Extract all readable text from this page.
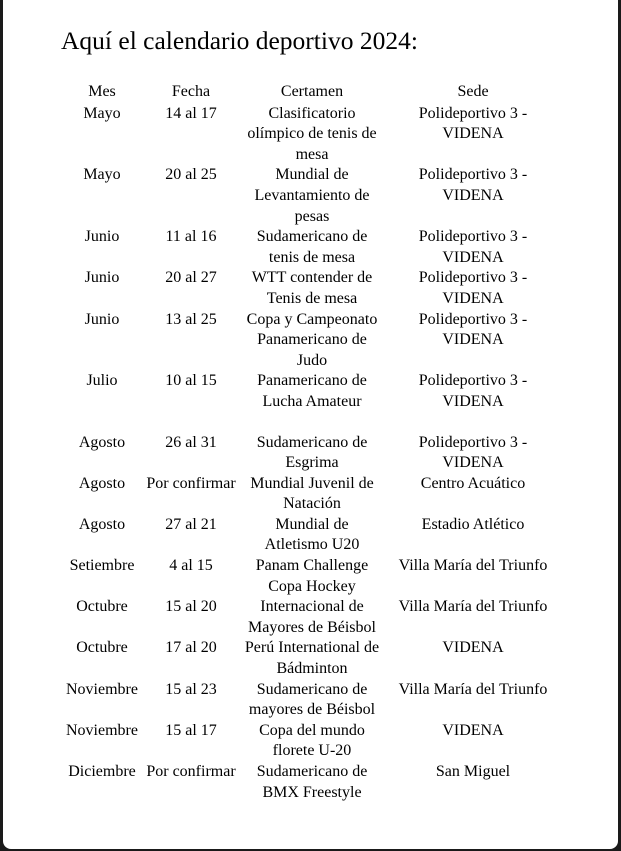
Aquí el calendario deportivo 2024:
Mes	Fecha	Certamen	Sede
Mayo	14 al 17	Clasificatorio olímpico de tenis de mesa	Polideportivo 3 - VIDENA
Mayo	20 al 25	Mundial de Levantamiento de pesas	Polideportivo 3 - VIDENA
Junio	11 al 16	Sudamericano de tenis de mesa	Polideportivo 3 - VIDENA
Junio	20 al 27	WTT contender de Tenis de mesa	Polideportivo 3 - VIDENA
Junio	13 al 25	Copa y Campeonato Panamericano de Judo	Polideportivo 3 - VIDENA
Julio	10 al 15	Panamericano de Lucha Amateur	Polideportivo 3 - VIDENA

Agosto	26 al 31	Sudamericano de Esgrima	Polideportivo 3 - VIDENA
Agosto	Por confirmar	Mundial Juvenil de Natación	Centro Acuático
Agosto	27 al 21	Mundial de Atletismo U20	Estadio Atlético
Setiembre	4 al 15	Panam Challenge Copa Hockey	Villa María del Triunfo
Octubre	15 al 20	Internacional de Mayores de Béisbol	Villa María del Triunfo
Octubre	17 al 20	Perú International de Bádminton	VIDENA
Noviembre	15 al 23	Sudamericano de mayores de Béisbol	Villa María del Triunfo
Noviembre	15 al 17	Copa del mundo florete U-20	VIDENA
Diciembre	Por confirmar	Sudamericano de BMX Freestyle	San Miguel
